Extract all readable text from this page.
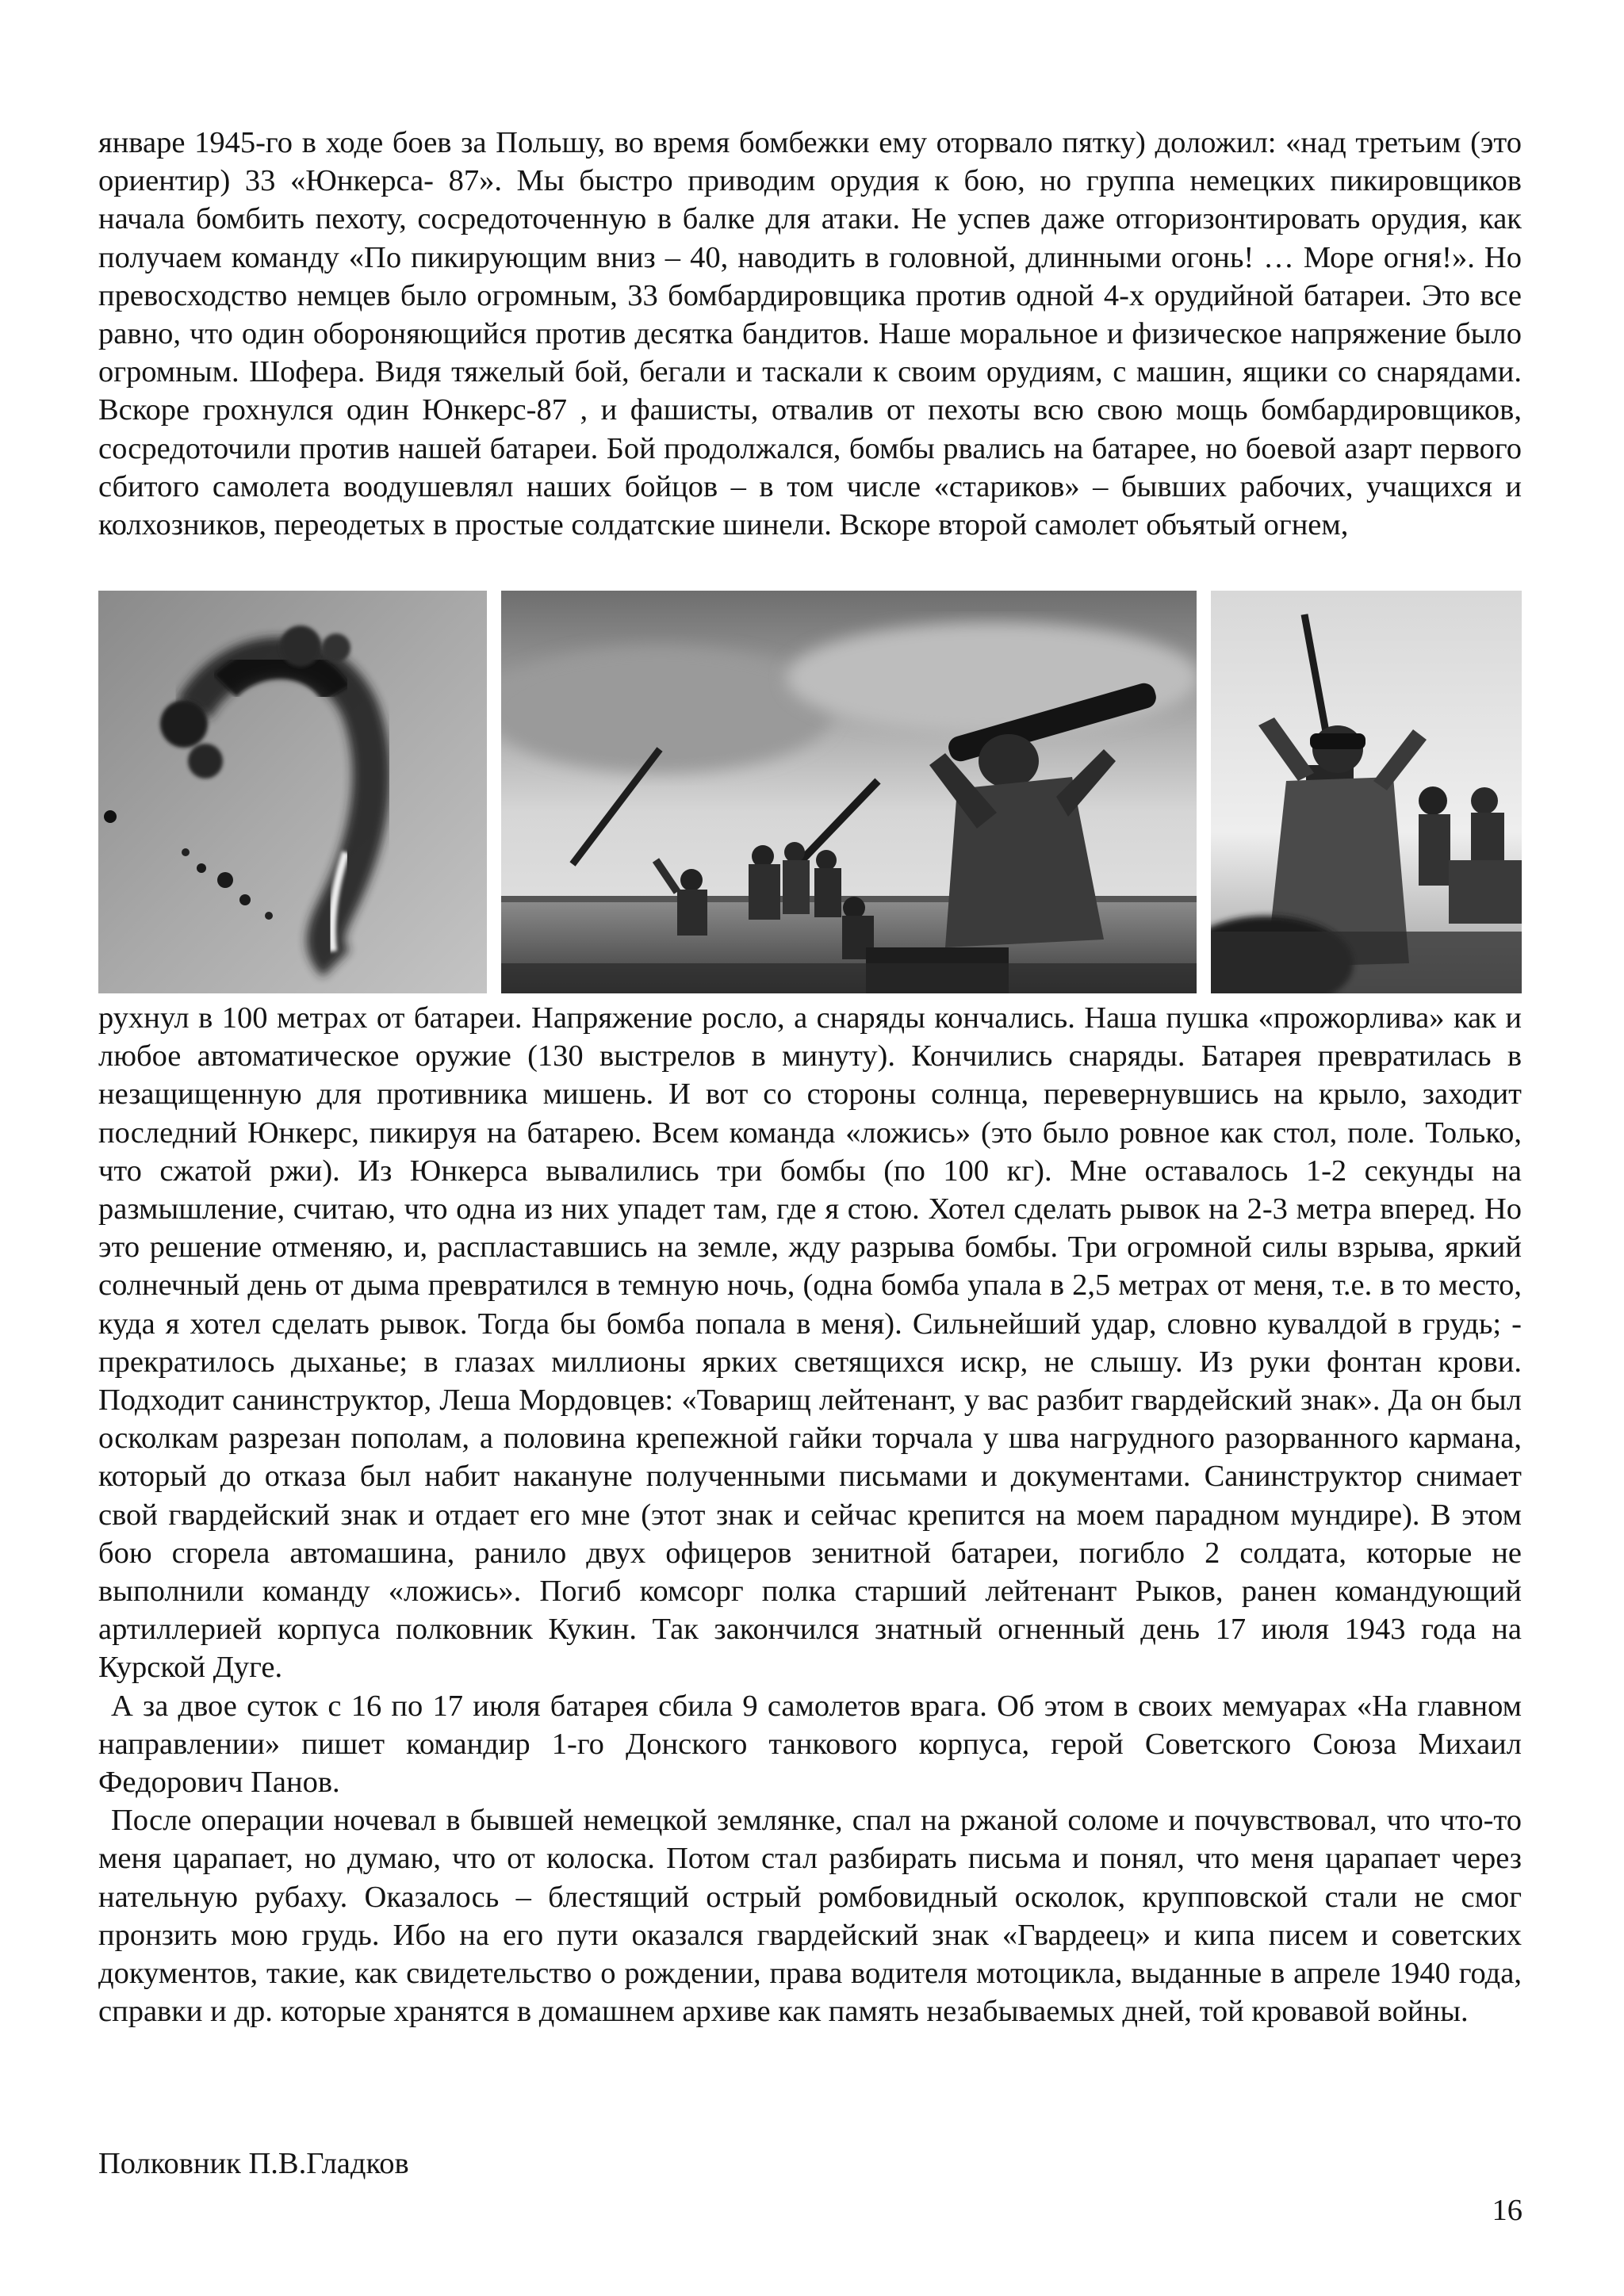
январе 1945-го в ходе боев за Польшу, во время бомбежки ему оторвало пятку) доложил: «над третьим (это ориентир) 33 «Юнкерса- 87». Мы быстро приводим орудия к бою, но группа немецких пикировщиков начала бомбить пехоту, сосредоточенную в балке для атаки. Не успев даже отгоризонтировать орудия, как получаем команду «По пикирующим вниз – 40, наводить в головной, длинными огонь! … Море огня!». Но превосходство немцев было огромным, 33 бомбардировщика против одной 4-х орудийной батареи. Это все равно, что один обороняющийся против десятка бандитов. Наше моральное и физическое напряжение было огромным. Шофера. Видя тяжелый бой, бегали и таскали к своим орудиям, с машин, ящики со снарядами. Вскоре грохнулся один Юнкерс-87 , и фашисты, отвалив от пехоты всю свою мощь бомбардировщиков, сосредоточили против нашей батареи. Бой продолжался, бомбы рвались на батарее, но боевой азарт первого сбитого самолета воодушевлял наших бойцов – в том числе «стариков» – бывших рабочих, учащихся и колхозников, переодетых в простые солдатские шинели. Вскоре второй самолет объятый огнем,

рухнул в 100 метрах от батареи. Напряжение росло, а снаряды кончались. Наша пушка «прожорлива» как и любое автоматическое оружие (130 выстрелов в минуту). Кончились снаряды. Батарея превратилась в незащищенную для противника мишень. И вот со стороны солнца, перевернувшись на крыло, заходит последний Юнкерс, пикируя на батарею. Всем команда «ложись» (это было ровное как стол, поле. Только, что сжатой ржи). Из Юнкерса вывалились три бомбы (по 100 кг). Мне оставалось 1-2 секунды на размышление, считаю, что одна из них упадет там, где я стою. Хотел сделать рывок на 2-3 метра вперед. Но это решение отменяю, и, распластавшись на земле, жду разрыва бомбы. Три огромной силы взрыва, яркий солнечный день от дыма превратился в темную ночь, (одна бомба упала в 2,5 метрах от меня, т.е. в то место, куда я хотел сделать рывок. Тогда бы бомба попала в меня). Сильнейший удар, словно кувалдой в грудь; - прекратилось дыханье; в глазах миллионы ярких светящихся искр, не слышу. Из руки фонтан крови. Подходит санинструктор, Леша Мордовцев: «Товарищ лейтенант, у вас разбит гвардейский знак». Да он был осколкам разрезан пополам, а половина крепежной гайки торчала у шва нагрудного разорванного кармана, который до отказа был набит накануне полученными письмами и документами. Санинструктор снимает свой гвардейский знак и отдает его мне (этот знак и сейчас крепится на моем парадном мундире). В этом бою сгорела автомашина, ранило двух офицеров зенитной батареи, погибло 2 солдата, которые не выполнили команду «ложись». Погиб комсорг полка старший лейтенант Рыков, ранен командующий артиллерией корпуса полковник Кукин. Так закончился знатный огненный день 17 июля 1943 года на Курской Дуге.

А за двое суток с 16 по 17 июля батарея сбила 9 самолетов врага. Об этом в своих мемуарах «На главном направлении» пишет командир 1-го Донского танкового корпуса, герой Советского Союза Михаил Федорович Панов.

После операции ночевал в бывшей немецкой землянке, спал на ржаной соломе и почувствовал, что что-то меня царапает, но думаю, что от колоска. Потом стал разбирать письма и понял, что меня царапает через нательную рубаху. Оказалось – блестящий острый ромбовидный осколок, крупповской стали не смог пронзить мою грудь. Ибо на его пути оказался гвардейский знак «Гвардеец» и кипа писем и советских документов, такие, как свидетельство о рождении, права водителя мотоцикла, выданные в апреле 1940 года, справки и др. которые хранятся в домашнем архиве как память незабываемых дней, той кровавой войны.

Полковник П.В.Гладков

16
